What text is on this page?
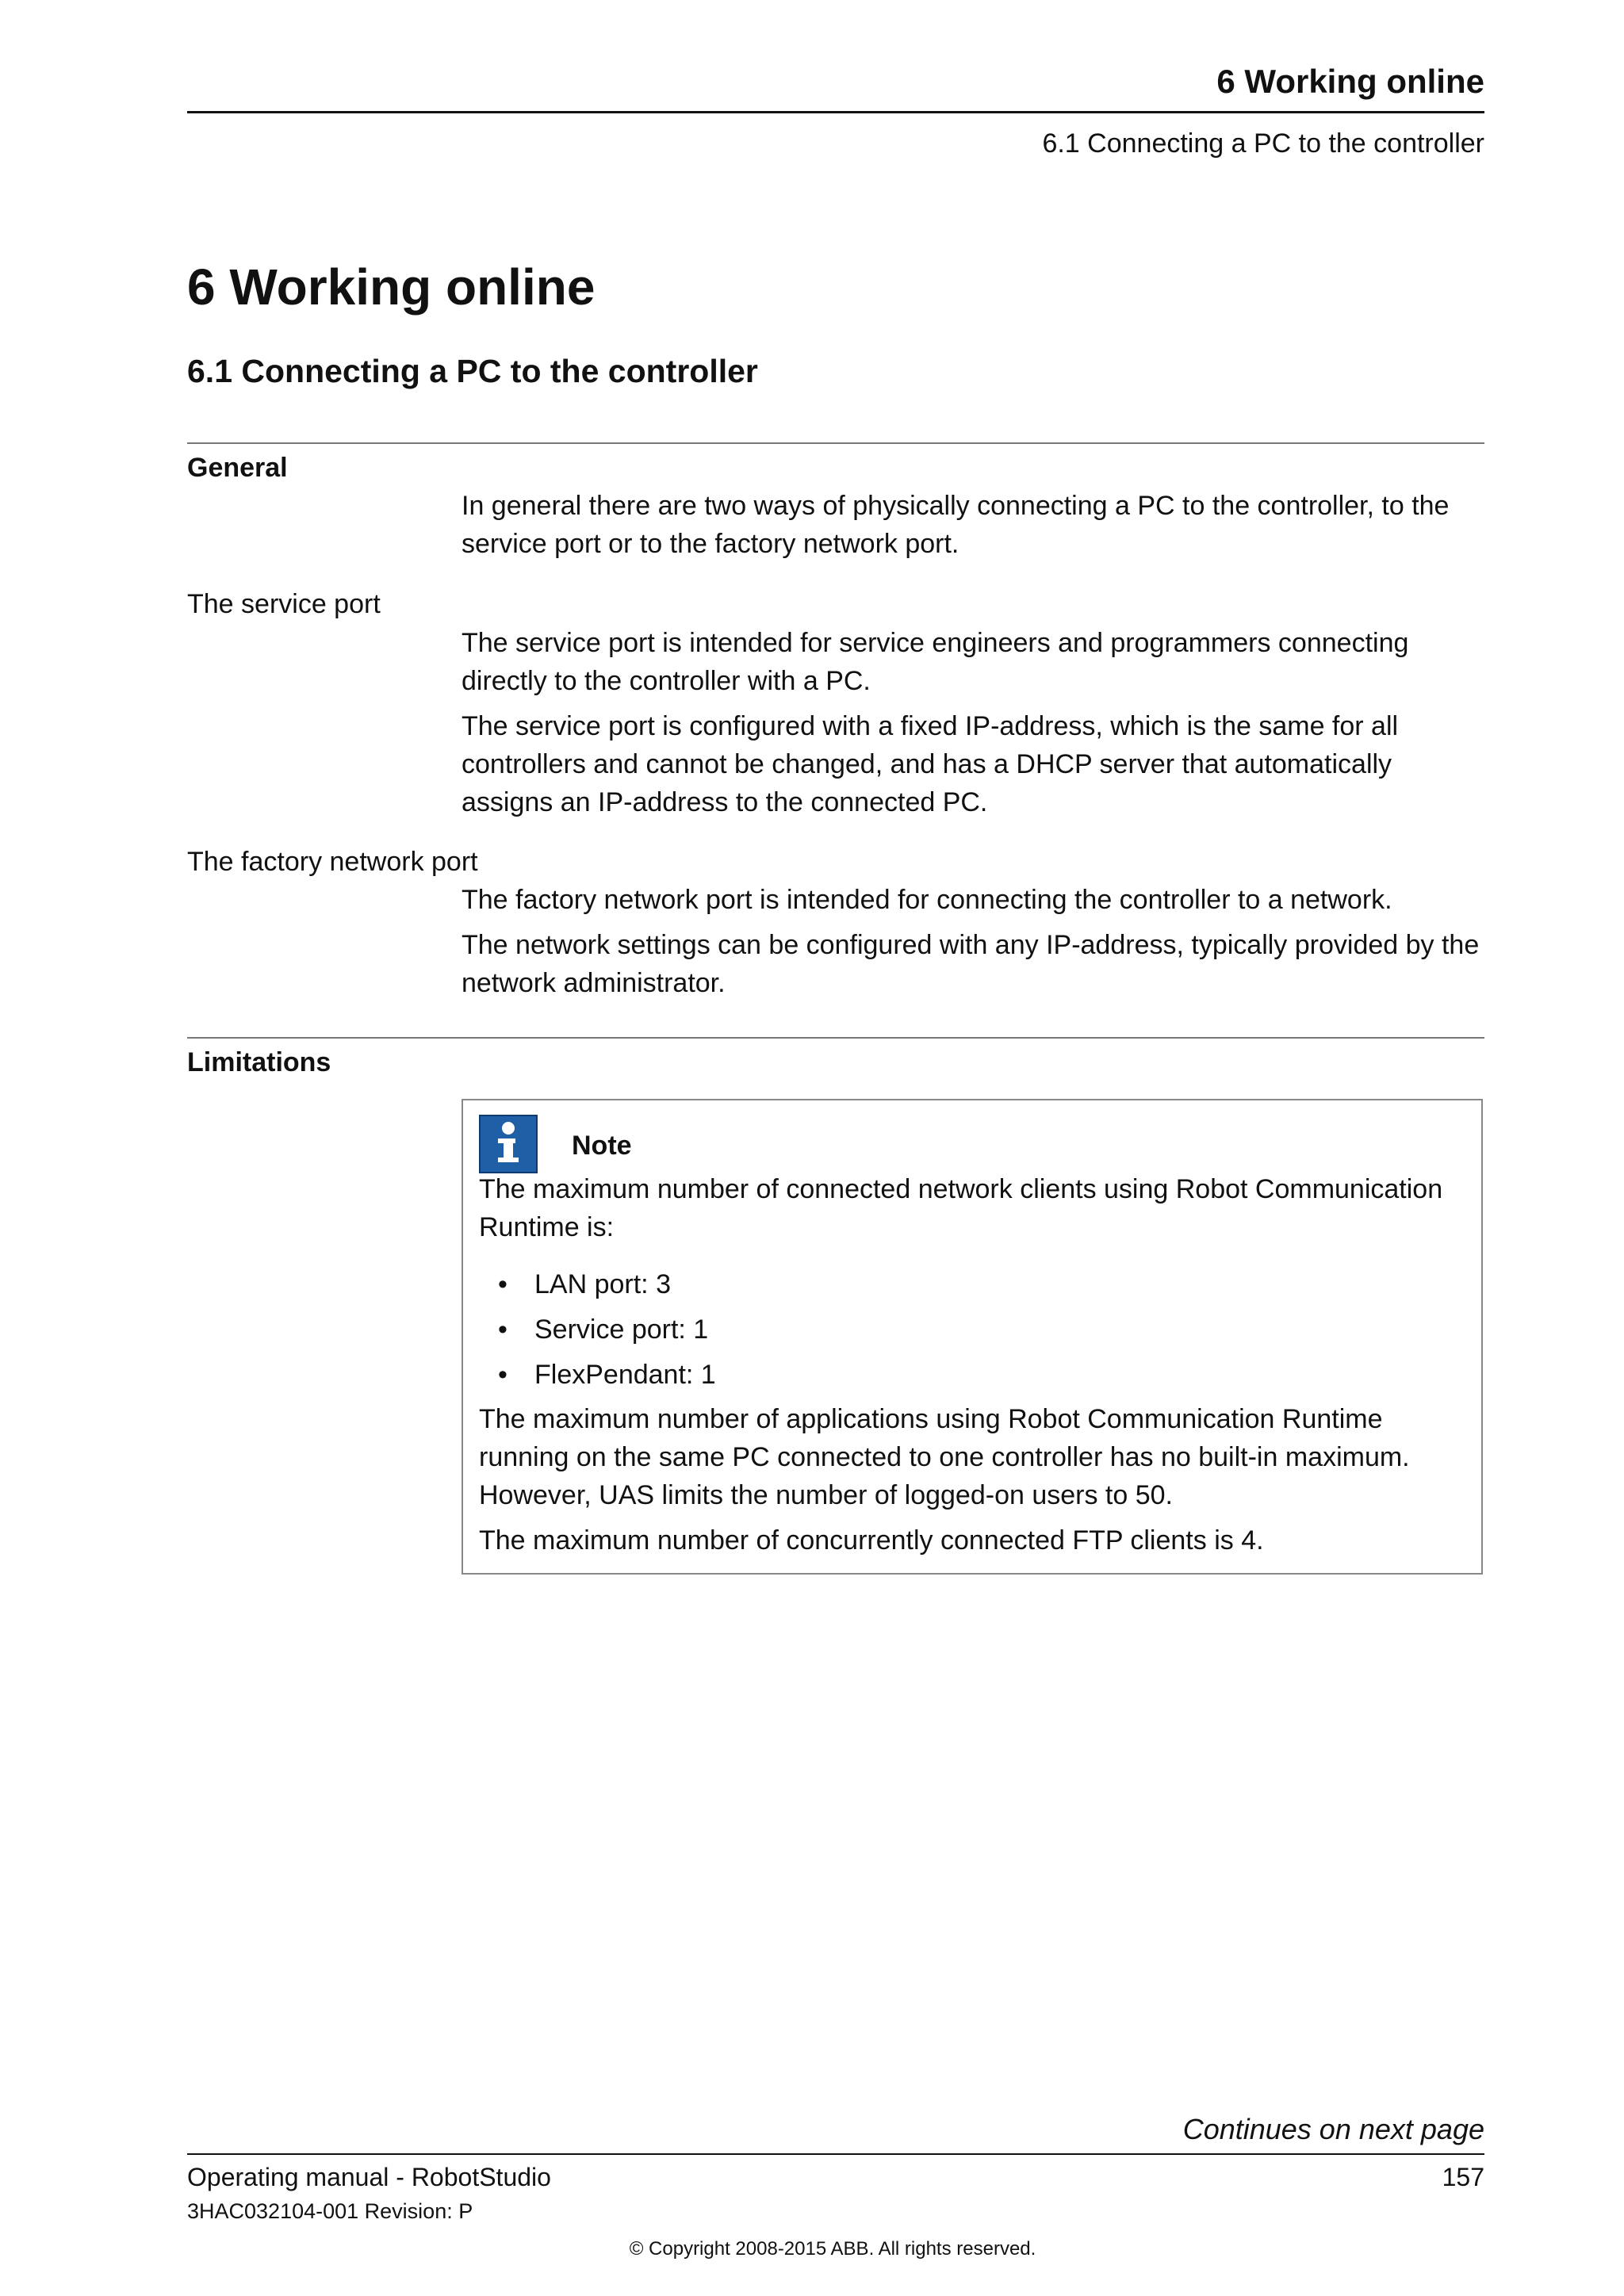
6 Working online
6.1 Connecting a PC to the controller
6 Working online
6.1 Connecting a PC to the controller
General

In general there are two ways of physically connecting a PC to the controller, to the service port or to the factory network port.

The service port

The service port is intended for service engineers and programmers connecting directly to the controller with a PC.

The service port is configured with a fixed IP-address, which is the same for all controllers and cannot be changed, and has a DHCP server that automatically assigns an IP-address to the connected PC.

The factory network port

The factory network port is intended for connecting the controller to a network.

The network settings can be configured with any IP-address, typically provided by the network administrator.

Limitations
Note

The maximum number of connected network clients using Robot Communication Runtime is:

• LAN port: 3
• Service port: 1
• FlexPendant: 1

The maximum number of applications using Robot Communication Runtime running on the same PC connected to one controller has no built-in maximum. However, UAS limits the number of logged-on users to 50.

The maximum number of concurrently connected FTP clients is 4.

Continues on next page
Operating manual - RobotStudio	157
3HAC032104-001 Revision: P
© Copyright 2008-2015 ABB. All rights reserved.
